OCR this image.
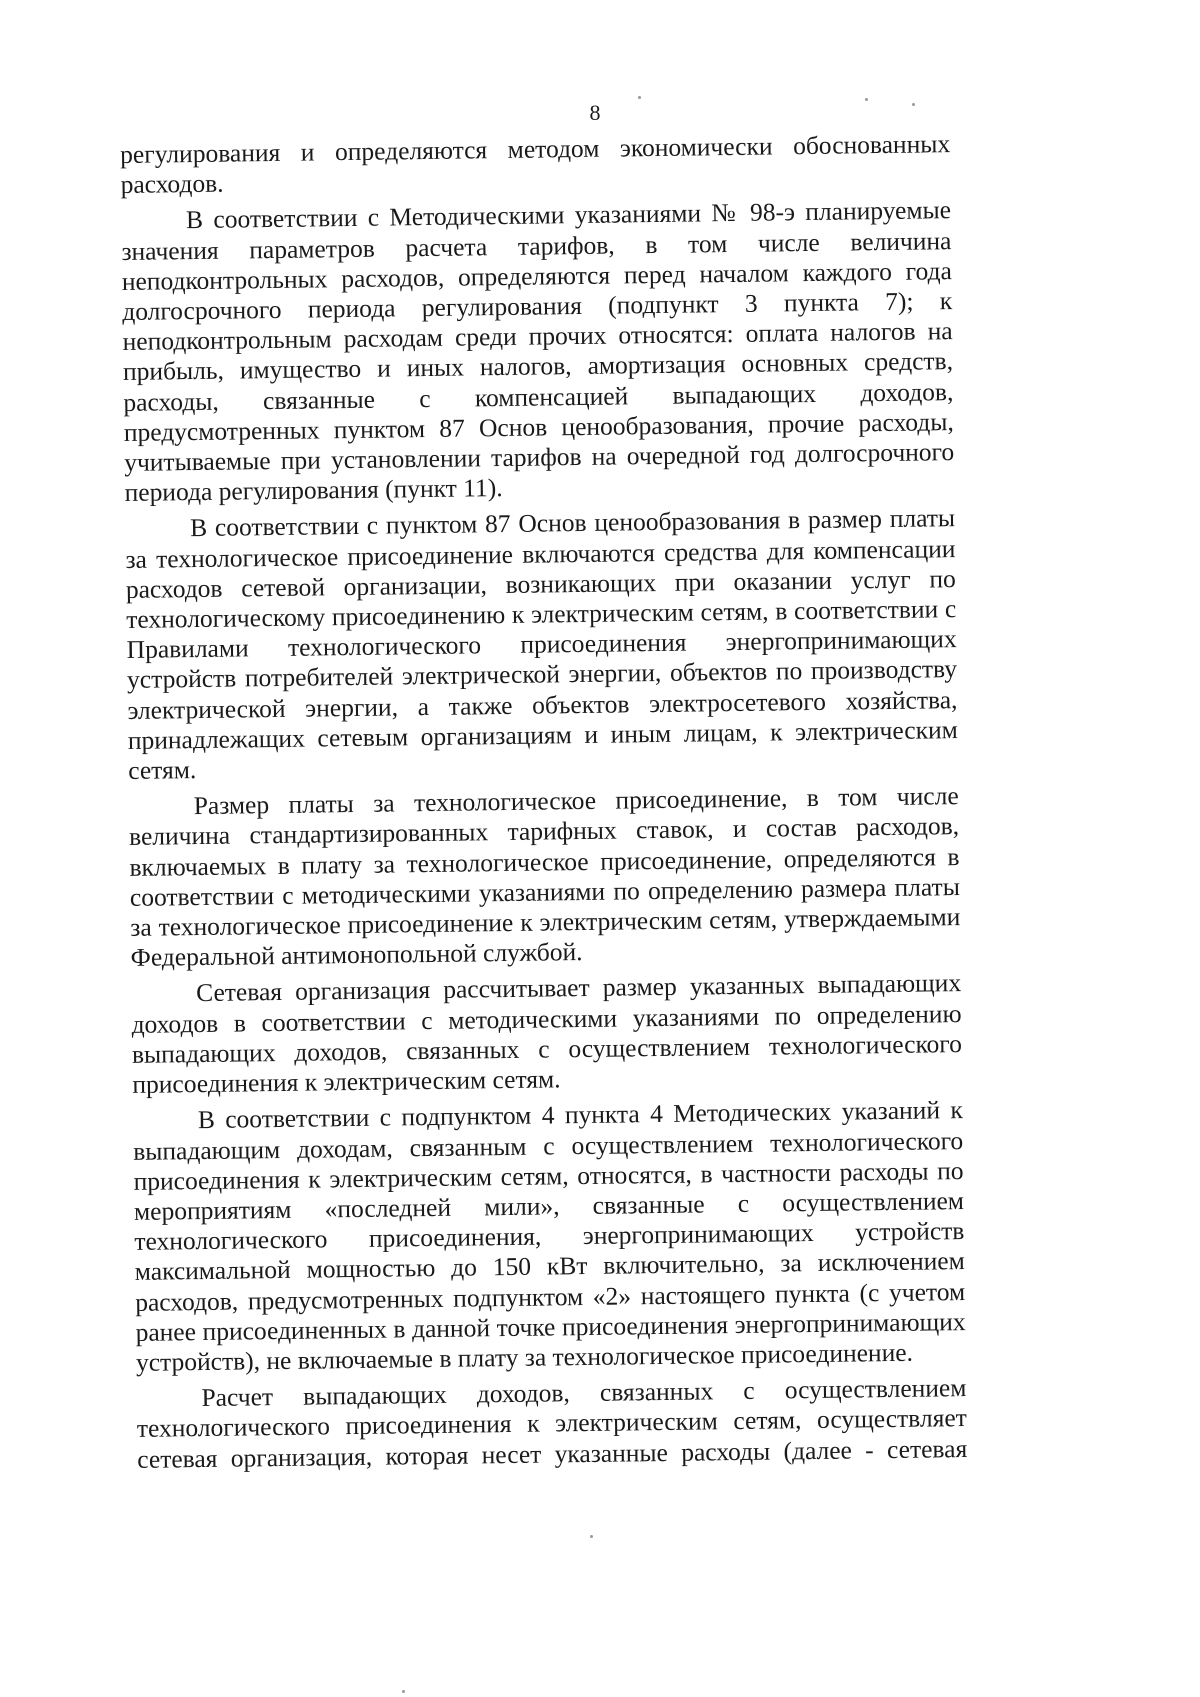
8

регулирования и определяются методом экономически обоснованных расходов.

В соответствии с Методическими указаниями № 98-э планируемые значения параметров расчета тарифов, в том числе величина неподконтрольных расходов, определяются перед началом каждого года долгосрочного периода регулирования (подпункт 3 пункта 7); к неподконтрольным расходам среди прочих относятся: оплата налогов на прибыль, имущество и иных налогов, амортизация основных средств, расходы, связанные с компенсацией выпадающих доходов, предусмотренных пунктом 87 Основ ценообразования, прочие расходы, учитываемые при установлении тарифов на очередной год долгосрочного периода регулирования (пункт 11).

В соответствии с пунктом 87 Основ ценообразования в размер платы за технологическое присоединение включаются средства для компенсации расходов сетевой организации, возникающих при оказании услуг по технологическому присоединению к электрическим сетям, в соответствии с Правилами технологического присоединения энергопринимающих устройств потребителей электрической энергии, объектов по производству электрической энергии, а также объектов электросетевого хозяйства, принадлежащих сетевым организациям и иным лицам, к электрическим сетям.

Размер платы за технологическое присоединение, в том числе величина стандартизированных тарифных ставок, и состав расходов, включаемых в плату за технологическое присоединение, определяются в соответствии с методическими указаниями по определению размера платы за технологическое присоединение к электрическим сетям, утверждаемыми Федеральной антимонопольной службой.

Сетевая организация рассчитывает размер указанных выпадающих доходов в соответствии с методическими указаниями по определению выпадающих доходов, связанных с осуществлением технологического присоединения к электрическим сетям.

В соответствии с подпунктом 4 пункта 4 Методических указаний к выпадающим доходам, связанным с осуществлением технологического присоединения к электрическим сетям, относятся, в частности расходы по мероприятиям «последней мили», связанные с осуществлением технологического присоединения, энергопринимающих устройств максимальной мощностью до 150 кВт включительно, за исключением расходов, предусмотренных подпунктом «2» настоящего пункта (с учетом ранее присоединенных в данной точке присоединения энергопринимающих устройств), не включаемые в плату за технологическое присоединение.

Расчет выпадающих доходов, связанных с осуществлением технологического присоединения к электрическим сетям, осуществляет сетевая организация, которая несет указанные расходы (далее - сетевая
